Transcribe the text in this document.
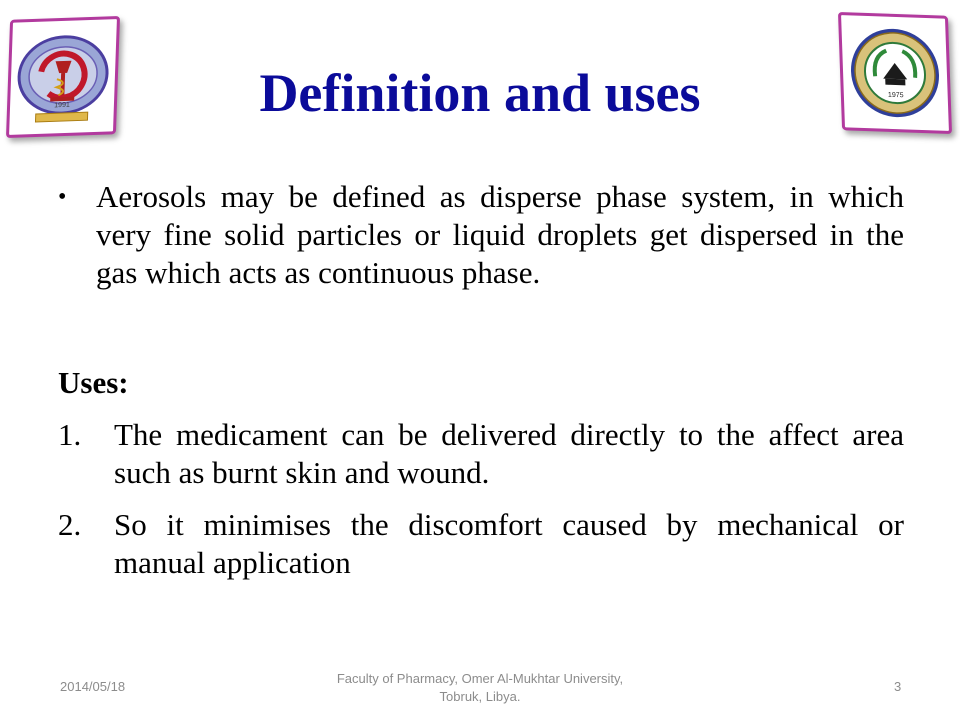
1991
1975
Definition and uses
• Aerosols may be defined as disperse phase system, in which very fine solid particles or liquid droplets get dispersed in the gas which acts as continuous phase.
Uses:
1.	The medicament can be delivered directly to the affect area such as burnt skin and wound.
2.	So it minimises the discomfort caused by mechanical or manual application
2014/05/18
Faculty of Pharmacy, Omer Al-Mukhtar University, Tobruk, Libya.
3
